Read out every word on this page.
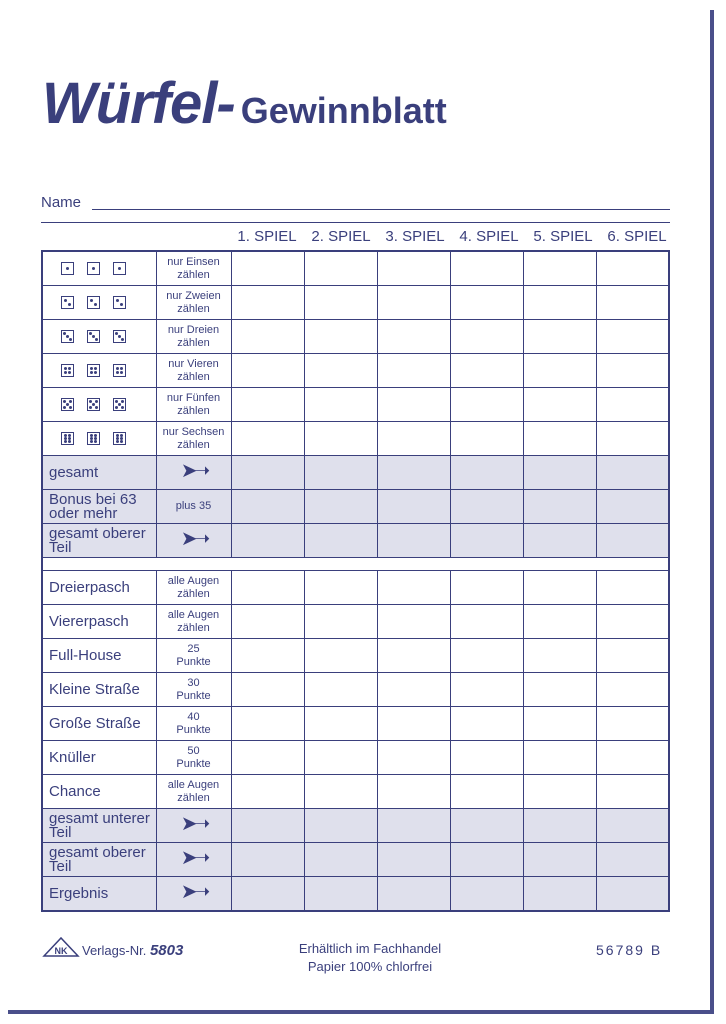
Würfel- Gewinnblatt
Name
1. SPIEL 2. SPIEL 3. SPIEL 4. SPIEL 5. SPIEL 6. SPIEL

	nur Einsen
zählen						

	nur Zweien
zählen						

	nur Dreien
zählen						

	nur Vieren
zählen						

	nur Fünfen
zählen						

	nur Sechsen
zählen						

gesamt	➤➝						
Bonus bei 63 oder mehr	plus 35						
gesamt oberer Teil	➤➝						

Dreierpasch	alle Augen
zählen						

Viererpasch	alle Augen
zählen						

Full-House	25
Punkte						

Kleine Straße	30
Punkte						

Große Straße	40
Punkte						

Knüller	50
Punkte						

Chance	alle Augen
zählen						

gesamt unterer Teil	➤➝						
gesamt oberer Teil	➤➝						
Ergebnis	➤➝						
NK Verlags-Nr. 5803	Erhältlich im Fachhandel
Papier 100% chlorfrei
56789 B
